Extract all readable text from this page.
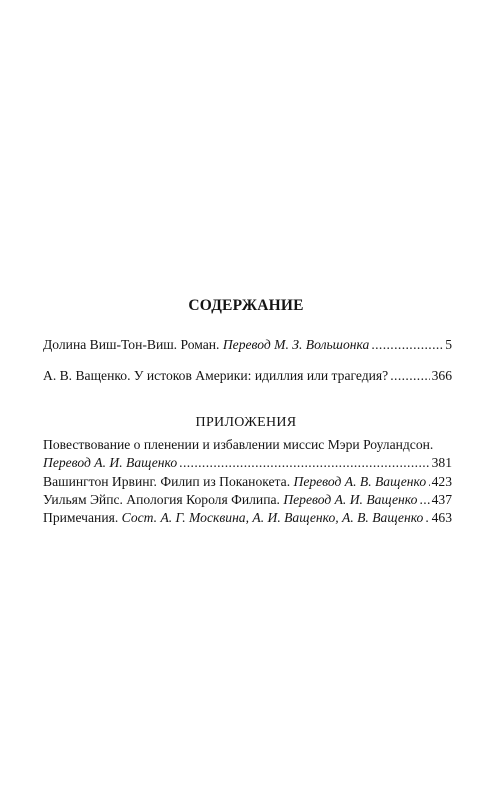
СОДЕРЖАНИЕ
Долина Виш-Тон-Виш. Роман. Перевод М. З. Вольшонка .....	5
А. В. Ващенко. У истоков Америки: идиллия или трагедия? .....	366
ПРИЛОЖЕНИЯ
Повествование о пленении и избавлении миссис Мэри Роуландсон.
Перевод А. И. Ващенко .....	381
Вашингтон Ирвинг. Филип из Поканокета. Перевод А. В. Ващенко ..... 423
Уильям Эйпс. Апология Короля Филипа. Перевод А. И. Ващенко ..... 437
Примечания. Сост. А. Г. Москвина, А. И. Ващенко, А. В. Ващенко ..... 463
